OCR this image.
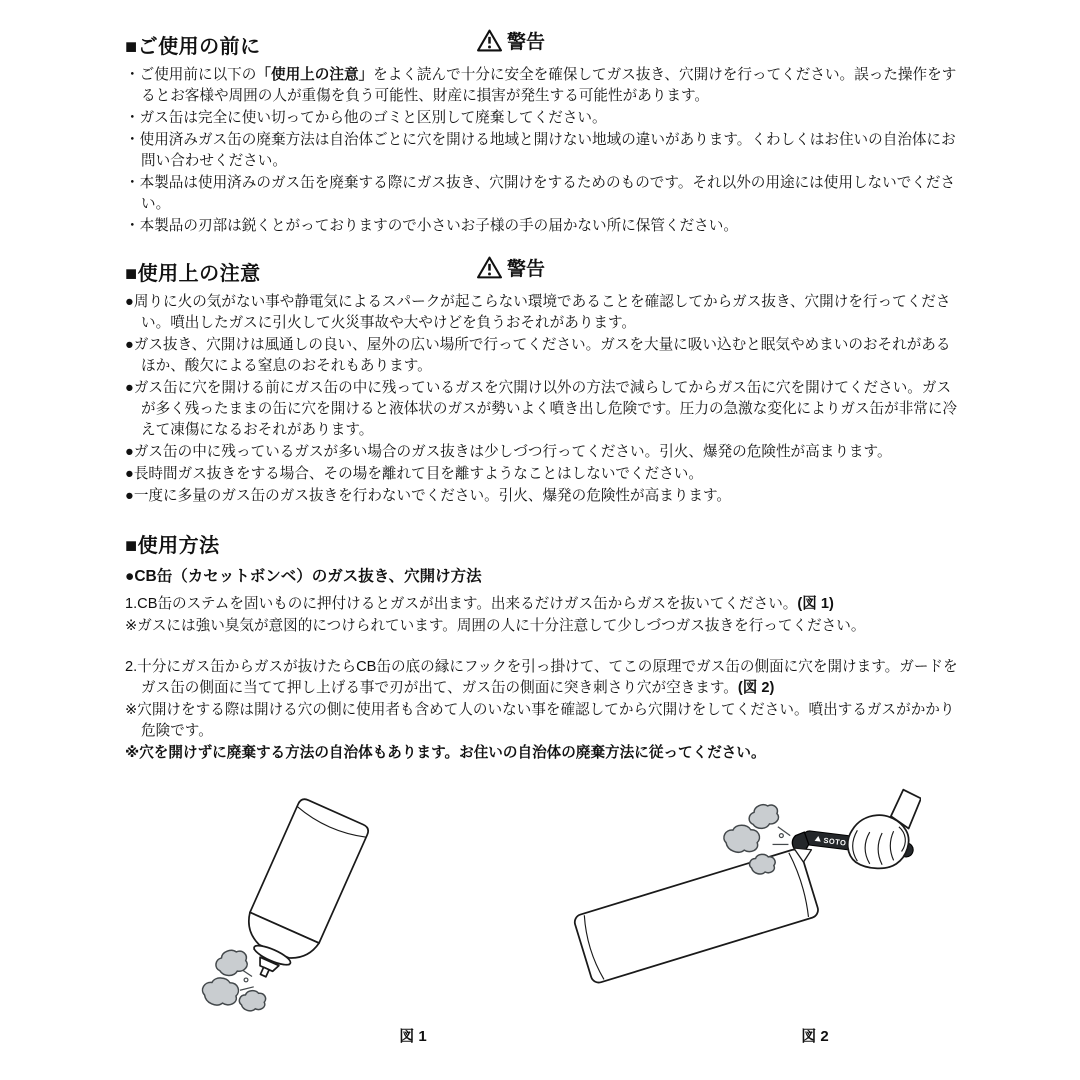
■ご使用の前に	警告
・ご使用前に以下の「使用上の注意」をよく読んで十分に安全を確保してガス抜き、穴開けを行ってください。誤った操作をするとお客様や周囲の人が重傷を負う可能性、財産に損害が発生する可能性があります。
・ガス缶は完全に使い切ってから他のゴミと区別して廃棄してください。
・使用済みガス缶の廃棄方法は自治体ごとに穴を開ける地域と開けない地域の違いがあります。くわしくはお住いの自治体にお問い合わせください。
・本製品は使用済みのガス缶を廃棄する際にガス抜き、穴開けをするためのものです。それ以外の用途には使用しないでください。
・本製品の刃部は鋭くとがっておりますので小さいお子様の手の届かない所に保管ください。
■使用上の注意	警告
●周りに火の気がない事や静電気によるスパークが起こらない環境であることを確認してからガス抜き、穴開けを行ってください。噴出したガスに引火して火災事故や大やけどを負うおそれがあります。
●ガス抜き、穴開けは風通しの良い、屋外の広い場所で行ってください。ガスを大量に吸い込むと眠気やめまいのおそれがあるほか、酸欠による窒息のおそれもあります。
●ガス缶に穴を開ける前にガス缶の中に残っているガスを穴開け以外の方法で減らしてからガス缶に穴を開けてください。ガスが多く残ったままの缶に穴を開けると液体状のガスが勢いよく噴き出し危険です。圧力の急激な変化によりガス缶が非常に冷えて凍傷になるおそれがあります。
●ガス缶の中に残っているガスが多い場合のガス抜きは少しづつ行ってください。引火、爆発の危険性が高まります。
●長時間ガス抜きをする場合、その場を離れて目を離すようなことはしないでください。
●一度に多量のガス缶のガス抜きを行わないでください。引火、爆発の危険性が高まります。
■使用方法
●CB缶（カセットボンベ）のガス抜き、穴開け方法
1.CB缶のステムを固いものに押付けるとガスが出ます。出来るだけガス缶からガスを抜いてください。(図 1)
※ガスには強い臭気が意図的につけられています。周囲の人に十分注意して少しづつガス抜きを行ってください。
2.十分にガス缶からガスが抜けたらCB缶の底の縁にフックを引っ掛けて、てこの原理でガス缶の側面に穴を開けます。ガードをガス缶の側面に当てて押し上げる事で刃が出て、ガス缶の側面に突き刺さり穴が空きます。(図 2)
※穴開けをする際は開ける穴の側に使用者も含めて人のいない事を確認してから穴開けをしてください。噴出するガスがかかり危険です。
※穴を開けずに廃棄する方法の自治体もあります。お住いの自治体の廃棄方法に従ってください。
図 1
SOTO
図 2
